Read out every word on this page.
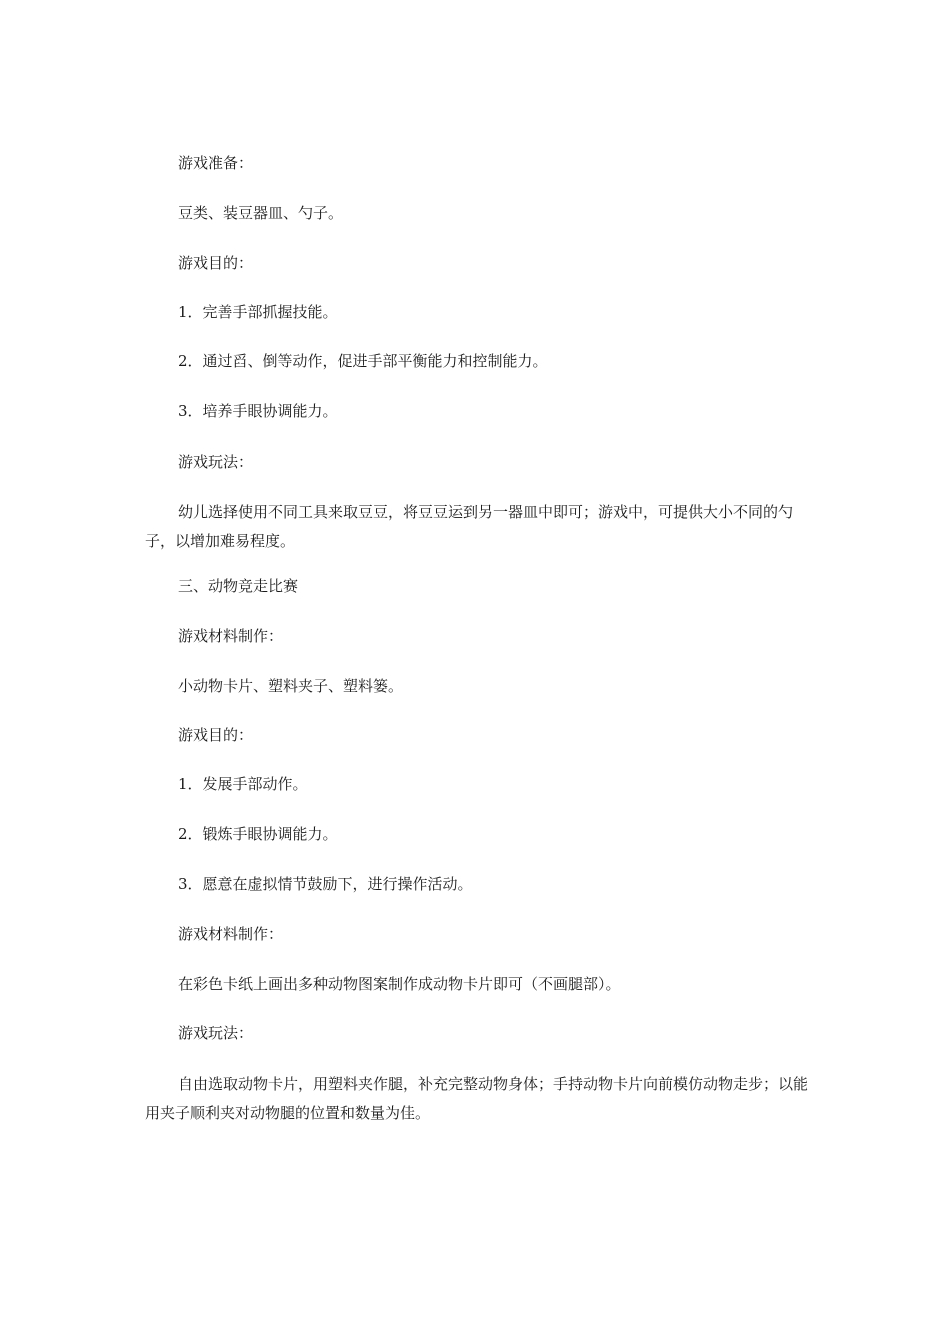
游戏准备：

豆类、装豆器皿、勺子。

游戏目的：

1．完善手部抓握技能。

2．通过舀、倒等动作，促进手部平衡能力和控制能力。

3．培养手眼协调能力。

游戏玩法：

幼儿选择使用不同工具来取豆豆，将豆豆运到另一器皿中即可；游戏中，可提供大小不同的勺子，以增加难易程度。

三、动物竞走比赛

游戏材料制作：

小动物卡片、塑料夹子、塑料篓。

游戏目的：

1．发展手部动作。

2．锻炼手眼协调能力。

3．愿意在虚拟情节鼓励下，进行操作活动。

游戏材料制作：

在彩色卡纸上画出多种动物图案制作成动物卡片即可（不画腿部）。

游戏玩法：

自由选取动物卡片，用塑料夹作腿，补充完整动物身体；手持动物卡片向前模仿动物走步；以能用夹子顺利夹对动物腿的位置和数量为佳。
